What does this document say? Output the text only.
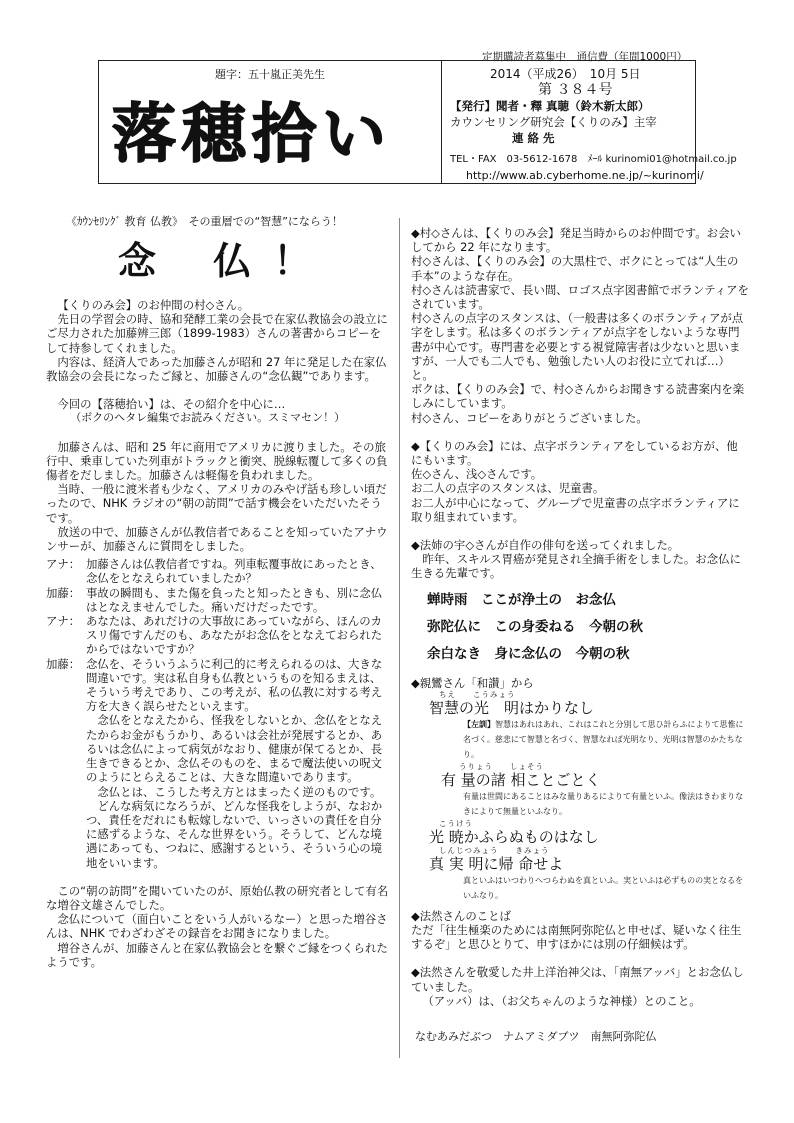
定期購読者募集中　通信費（年間1000円）
題字：五十嵐正美先生
落穂拾い
2014（平成26）　10月 5日
第 ３８４号
【発行】聞者・釋 真聴（鈴木新太郎）
カウンセリング研究会【くりのみ】主宰
連 絡 先
TEL・FAX　03-5612-1678　ﾒｰﾙ kurinomi01@hotmail.co.jp
http://www.ab.cyberhome.ne.jp/~kurinomi/
《ｶｳﾝｾﾘﾝｸﾞ 教育 仏教》　その重層での“智慧”にならう！
念 仏！

【くりのみ会】のお仲間の村◇さん。

先日の学習会の時、協和発酵工業の会長で在家仏教協会の設立にご尽力された加藤辨三郎（1899-1983）さんの著書からコピーをして持参してくれました。

内容は、経済人であった加藤さんが昭和 27 年に発足した在家仏教協会の会長になったご縁と、加藤さんの“念仏観”であります。

今回の【落穂拾い】は、その紹介を中心に…

（ボクのヘタレ編集でお読みください。スミマセン！）

加藤さんは、昭和 25 年に商用でアメリカに渡りました。その旅行中、乗車していた列車がトラックと衝突、脱線転覆して多くの負傷者をだしました。加藤さんは軽傷を負われました。

当時、一般に渡米者も少なく、アメリカのみやげ話も珍しい頃だったので、NHK ラジオの“朝の訪問”で話す機会をいただいたそうです。

放送の中で、加藤さんが仏教信者であることを知っていたアナウンサーが、加藤さんに質問をしました。

アナ： 加藤さんは仏教信者ですね。列車転覆事故にあったとき、念仏をとなえられていましたか？

加藤： 事故の瞬間も、また傷を負ったと知ったときも、別に念仏はとなえませんでした。痛いだけだったです。

アナ： あなたは、あれだけの大事故にあっていながら、ほんのカスリ傷ですんだのも、あなたがお念仏をとなえておられたからではないですか？

加藤： 念仏を、そういうふうに利己的に考えられるのは、大きな間違いです。実は私自身も仏教というものを知るまえは、そういう考えであり、この考えが、私の仏教に対する考え方を大きく誤らせたといえます。

念仏をとなえたから、怪我をしないとか、念仏をとなえたからお金がもうかり、あるいは会社が発展するとか、あるいは念仏によって病気がなおり、健康が保てるとか、長生きできるとか、念仏そのものを、まるで魔法使いの呪文のようにとらえることは、大きな間違いであります。

念仏とは、こうした考え方とはまったく逆のものです。

どんな病気になろうが、どんな怪我をしようが、なおかつ、責任をだれにも転嫁しないで、いっさいの責任を自分に感ずるような、そんな世界をいう。そうして、どんな境遇にあっても、つねに、感謝するという、そういう心の境地をいいます。

この“朝の訪問”を聞いていたのが、原始仏教の研究者として有名な増谷文雄さんでした。

念仏について（面白いことをいう人がいるなー）と思った増谷さんは、NHK でわざわざその録音をお聞きになりました。

増谷さんが、加藤さんと在家仏教協会とを繋ぐご縁をつくられたようです。

◆村◇さんは、【くりのみ会】発足当時からのお仲間です。お会いしてから 22 年になります。

村◇さんは、【くりのみ会】の大黒柱で、ボクにとっては“人生の　手本”のような存在。

村◇さんは読書家で、長い間、ロゴス点字図書館でボランティアをされています。

村◇さんの点字のスタンスは、（一般書は多くのボランティアが点字をします。私は多くのボランティアが点字をしないような専門書が中心です。専門書を必要とする視覚障害者は少ないと思いますが、一人でも二人でも、勉強したい人のお役に立てれば…）と。

ボクは、【くりのみ会】で、村◇さんからお聞きする読書案内を楽しみにしています。

村◇さん、コピーをありがとうございました。

◆【くりのみ会】には、点字ボランティアをしているお方が、他にもいます。

佐◇さん、浅◇さんです。

お二人の点字のスタンスは、児童書。

お二人が中心になって、グループで児童書の点字ボランティアに取り組まれています。

◆法姉の宇◇さんが自作の俳句を送ってくれました。

昨年、スキルス胃癌が発見され全摘手術をしました。お念仏に生きる先輩です。

蝉時雨　ここが浄土の　お念仏
弥陀仏に　この身委ねる　今朝の秋
余白なき　身に念仏の　今朝の秋

◆親鸞さん「和讃」から

ちえ　　こうみょう
智慧の光　明はかりなし
【左訓】智慧はあれはあれ、これはこれと分別して思ひ計らふによりて思惟に名づく。慈悲にて智慧と名づく、智慧なれば光明なり、光明は智慧のかたちなり。
うりょう　　しょそう
有 量の諸 相ことごとく
有量は世間にあることはみな量りあるによりて有量といふ。像法はきわまりなきによりて無量といふなり。
こうけう
光 暁かふらぬものはなし
しんじつみょう　　きみょう
真 実 明に帰 命せよ
真といふはいつわりへつらわぬを真といふ。実といふは必ずものの実となるをいふなり。

◆法然さんのことば

ただ「往生極楽のためには南無阿弥陀仏と申せば、疑いなく往生するぞ」と思ひとりて、申すほかには別の仔細候はず。

◆法然さんを敬愛した井上洋治神父は、「南無アッバ」とお念仏していました。

（アッバ）は、（お父ちゃんのような神様）とのこと。

なむあみだぶつ　ナムアミダブツ　南無阿弥陀仏
